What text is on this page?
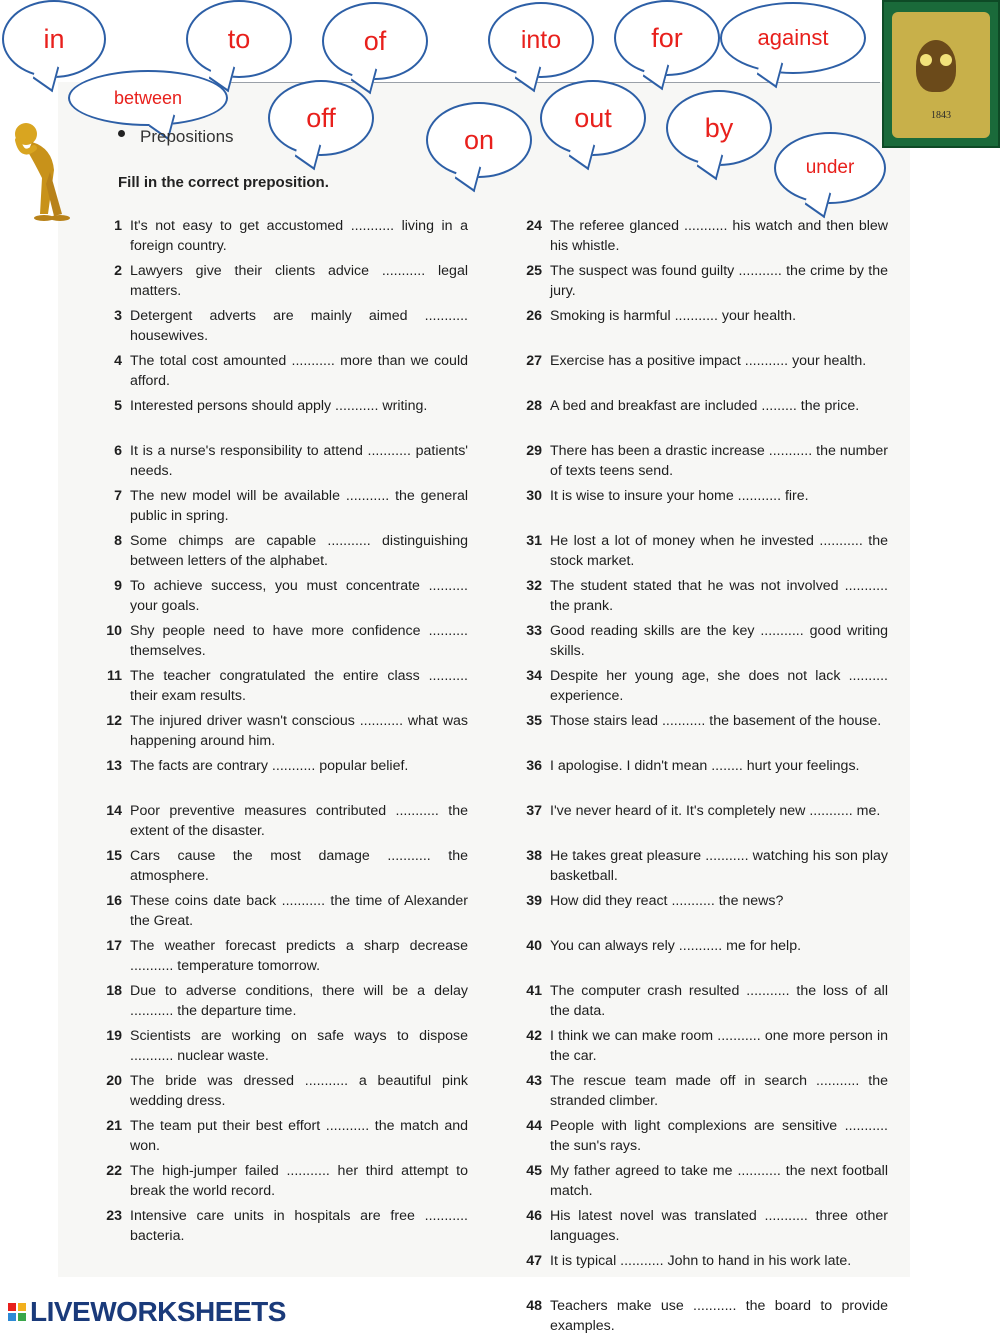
in	to	of	into	for	against
between
off
on
out	by
under
1843
Prepositions
Fill in the correct preposition.
1 It's not easy to get accustomed ........... living in a foreign country.
2 Lawyers give their clients advice ........... legal matters.
3 Detergent adverts are mainly aimed ........... housewives.
4 The total cost amounted ........... more than we could afford.
5 Interested persons should apply ........... writing.
6 It is a nurse's responsibility to attend ........... patients' needs.
7 The new model will be available ........... the general public in spring.
8 Some chimps are capable ........... distinguishing between letters of the alphabet.
9 To achieve success, you must concentrate .......... your goals.
10 Shy people need to have more confidence .......... themselves.
11 The teacher congratulated the entire class .......... their exam results.
12 The injured driver wasn't conscious ........... what was happening around him.
13 The facts are contrary ........... popular belief.
14 Poor preventive measures contributed ........... the extent of the disaster.
15 Cars cause the most damage ........... the atmosphere.
16 These coins date back ........... the time of Alexander the Great.
17 The weather forecast predicts a sharp decrease ........... temperature tomorrow.
18 Due to adverse conditions, there will be a delay ........... the departure time.
19 Scientists are working on safe ways to dispose ........... nuclear waste.
20 The bride was dressed ........... a beautiful pink wedding dress.
21 The team put their best effort ........... the match and won.
22 The high-jumper failed ........... her third attempt to break the world record.
23 Intensive care units in hospitals are free ........... bacteria.
24 The referee glanced ........... his watch and then blew his whistle.
25 The suspect was found guilty ........... the crime by the jury.
26 Smoking is harmful ........... your health.
27 Exercise has a positive impact ........... your health.
28 A bed and breakfast are included ......... the price.
29 There has been a drastic increase ........... the number of texts teens send.
30 It is wise to insure your home ........... fire.
31 He lost a lot of money when he invested ........... the stock market.
32 The student stated that he was not involved ........... the prank.
33 Good reading skills are the key ........... good writing skills.
34 Despite her young age, she does not lack .......... experience.
35 Those stairs lead ........... the basement of the house.
36 I apologise. I didn't mean ........ hurt your feelings.
37 I've never heard of it. It's completely new ........... me.
38 He takes great pleasure ........... watching his son play basketball.
39 How did they react ........... the news?
40 You can always rely ........... me for help.
41 The computer crash resulted ........... the loss of all the data.
42 I think we can make room ........... one more person in the car.
43 The rescue team made off in search ........... the stranded climber.
44 People with light complexions are sensitive ........... the sun's rays.
45 My father agreed to take me ........... the next football match.
46 His latest novel was translated ........... three other languages.
47 It is typical ........... John to hand in his work late.
48 Teachers make use ........... the board to provide examples.
LIVEWORKSHEETS
